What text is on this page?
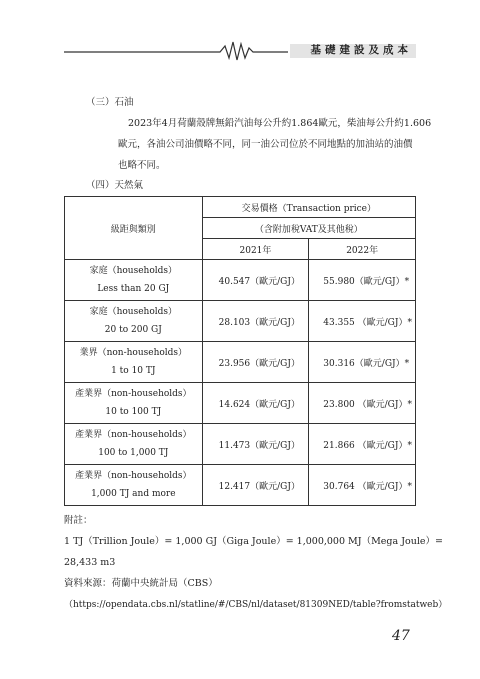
基礎建設及成本
（三）石油
2023年4月荷蘭殼牌無鉛汽油每公升約1.864歐元，柴油每公升約1.606
歐元，各油公司油價略不同，同一油公司位於不同地點的加油站的油價
也略不同。
（四）天然氣
級距與類別	交易價格（Transaction price）	
	（含附加稅VAT及其他稅）	
	2021年	2022年

家庭（households）
Less than 20 GJ	40.547（歐元/GJ）	55.980（歐元/GJ）*

家庭（households）
20 to 200 GJ	28.103（歐元/GJ）	43.355 （歐元/GJ）*

業界（non-households）
1 to 10 TJ	23.956（歐元/GJ）	30.316（歐元/GJ）*

產業界（non-households）
10 to 100 TJ	14.624（歐元/GJ）	23.800 （歐元/GJ）*

產業界（non-households）
100 to 1,000 TJ	11.473（歐元/GJ）	21.866 （歐元/GJ）*

產業界（non-households）
1,000 TJ and more	12.417（歐元/GJ）	30.764 （歐元/GJ）*
附註：
1 TJ（Trillion Joule）= 1,000 GJ（Giga Joule）= 1,000,000 MJ（Mega Joule）=
28,433 m3
資料來源：荷蘭中央統計局（CBS）
（https://opendata.cbs.nl/statline/#/CBS/nl/dataset/81309NED/table?fromstatweb）
47
